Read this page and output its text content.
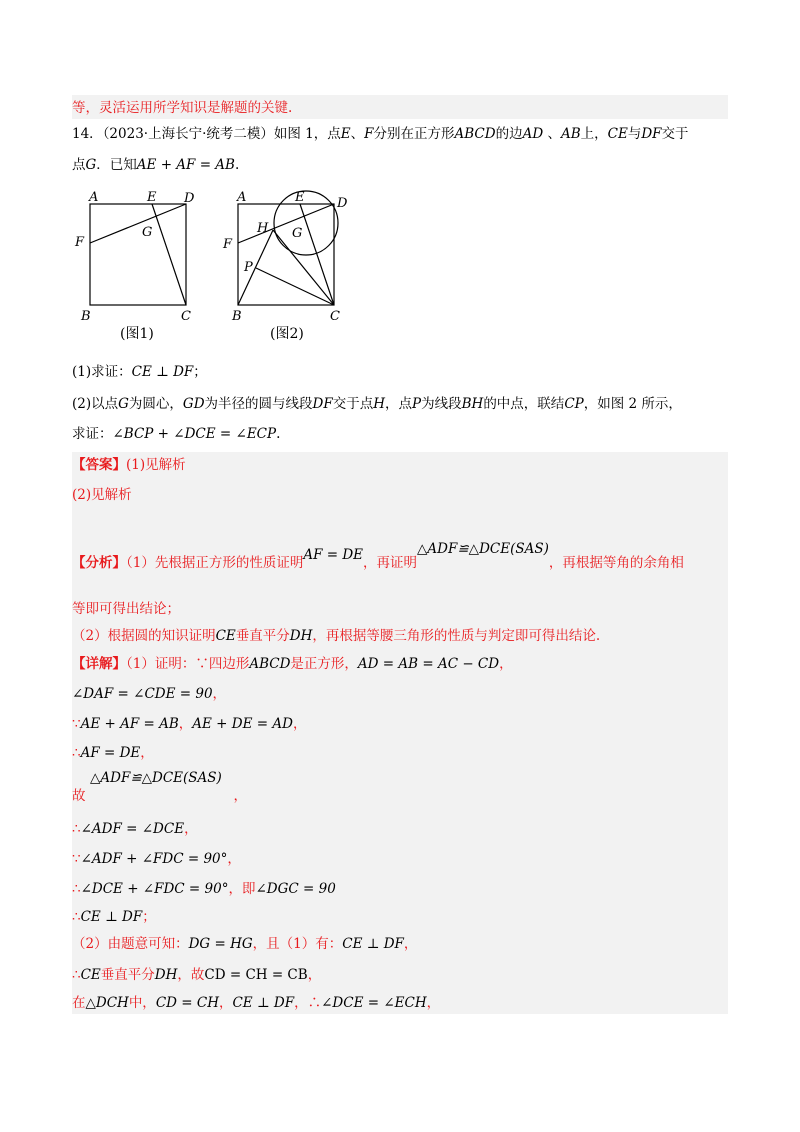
等，灵活运用所学知识是解题的关键.
14．（2023·上海长宁·统考二模）如图 1，点E、F分别在正方形ABCD的边AD 、AB上，CE与DF交于
点G．已知AE + AF = AB.
A	E D
F
G
B	C
(图1)
A	E	D
F
H G
P
B	C
(图2)
(1)求证：CE ⊥ DF；
(2)以点G为圆心，GD为半径的圆与线段DF交于点H，点P为线段BH的中点，联结CP，如图 2 所示，
求证：∠BCP + ∠DCE = ∠ECP.
【答案】(1)见解析
(2)见解析
【分析】（1）先根据正方形的性质证明AF = DE，再证明△ADF≌△DCE(SAS)，再根据等角的余角相
等即可得出结论；
（2）根据圆的知识证明CE垂直平分DH，再根据等腰三角形的性质与判定即可得出结论.
【详解】（1）证明：∵四边形ABCD是正方形，AD = AB = AC − CD，
∠DAF = ∠CDE = 90，
∵AE + AF = AB，AE + DE = AD，
∴AF = DE，
△ADF≌△DCE(SAS)
故	，
∴∠ADF = ∠DCE，
∵∠ADF + ∠FDC = 90°，
∴∠DCE + ∠FDC = 90°，即∠DGC = 90
∴CE ⊥ DF；
（2）由题意可知：DG = HG，且（1）有：CE ⊥ DF，
∴CE垂直平分DH，故CD = CH = CB，
在△DCH中，CD = CH，CE ⊥ DF，∴∠DCE = ∠ECH，
